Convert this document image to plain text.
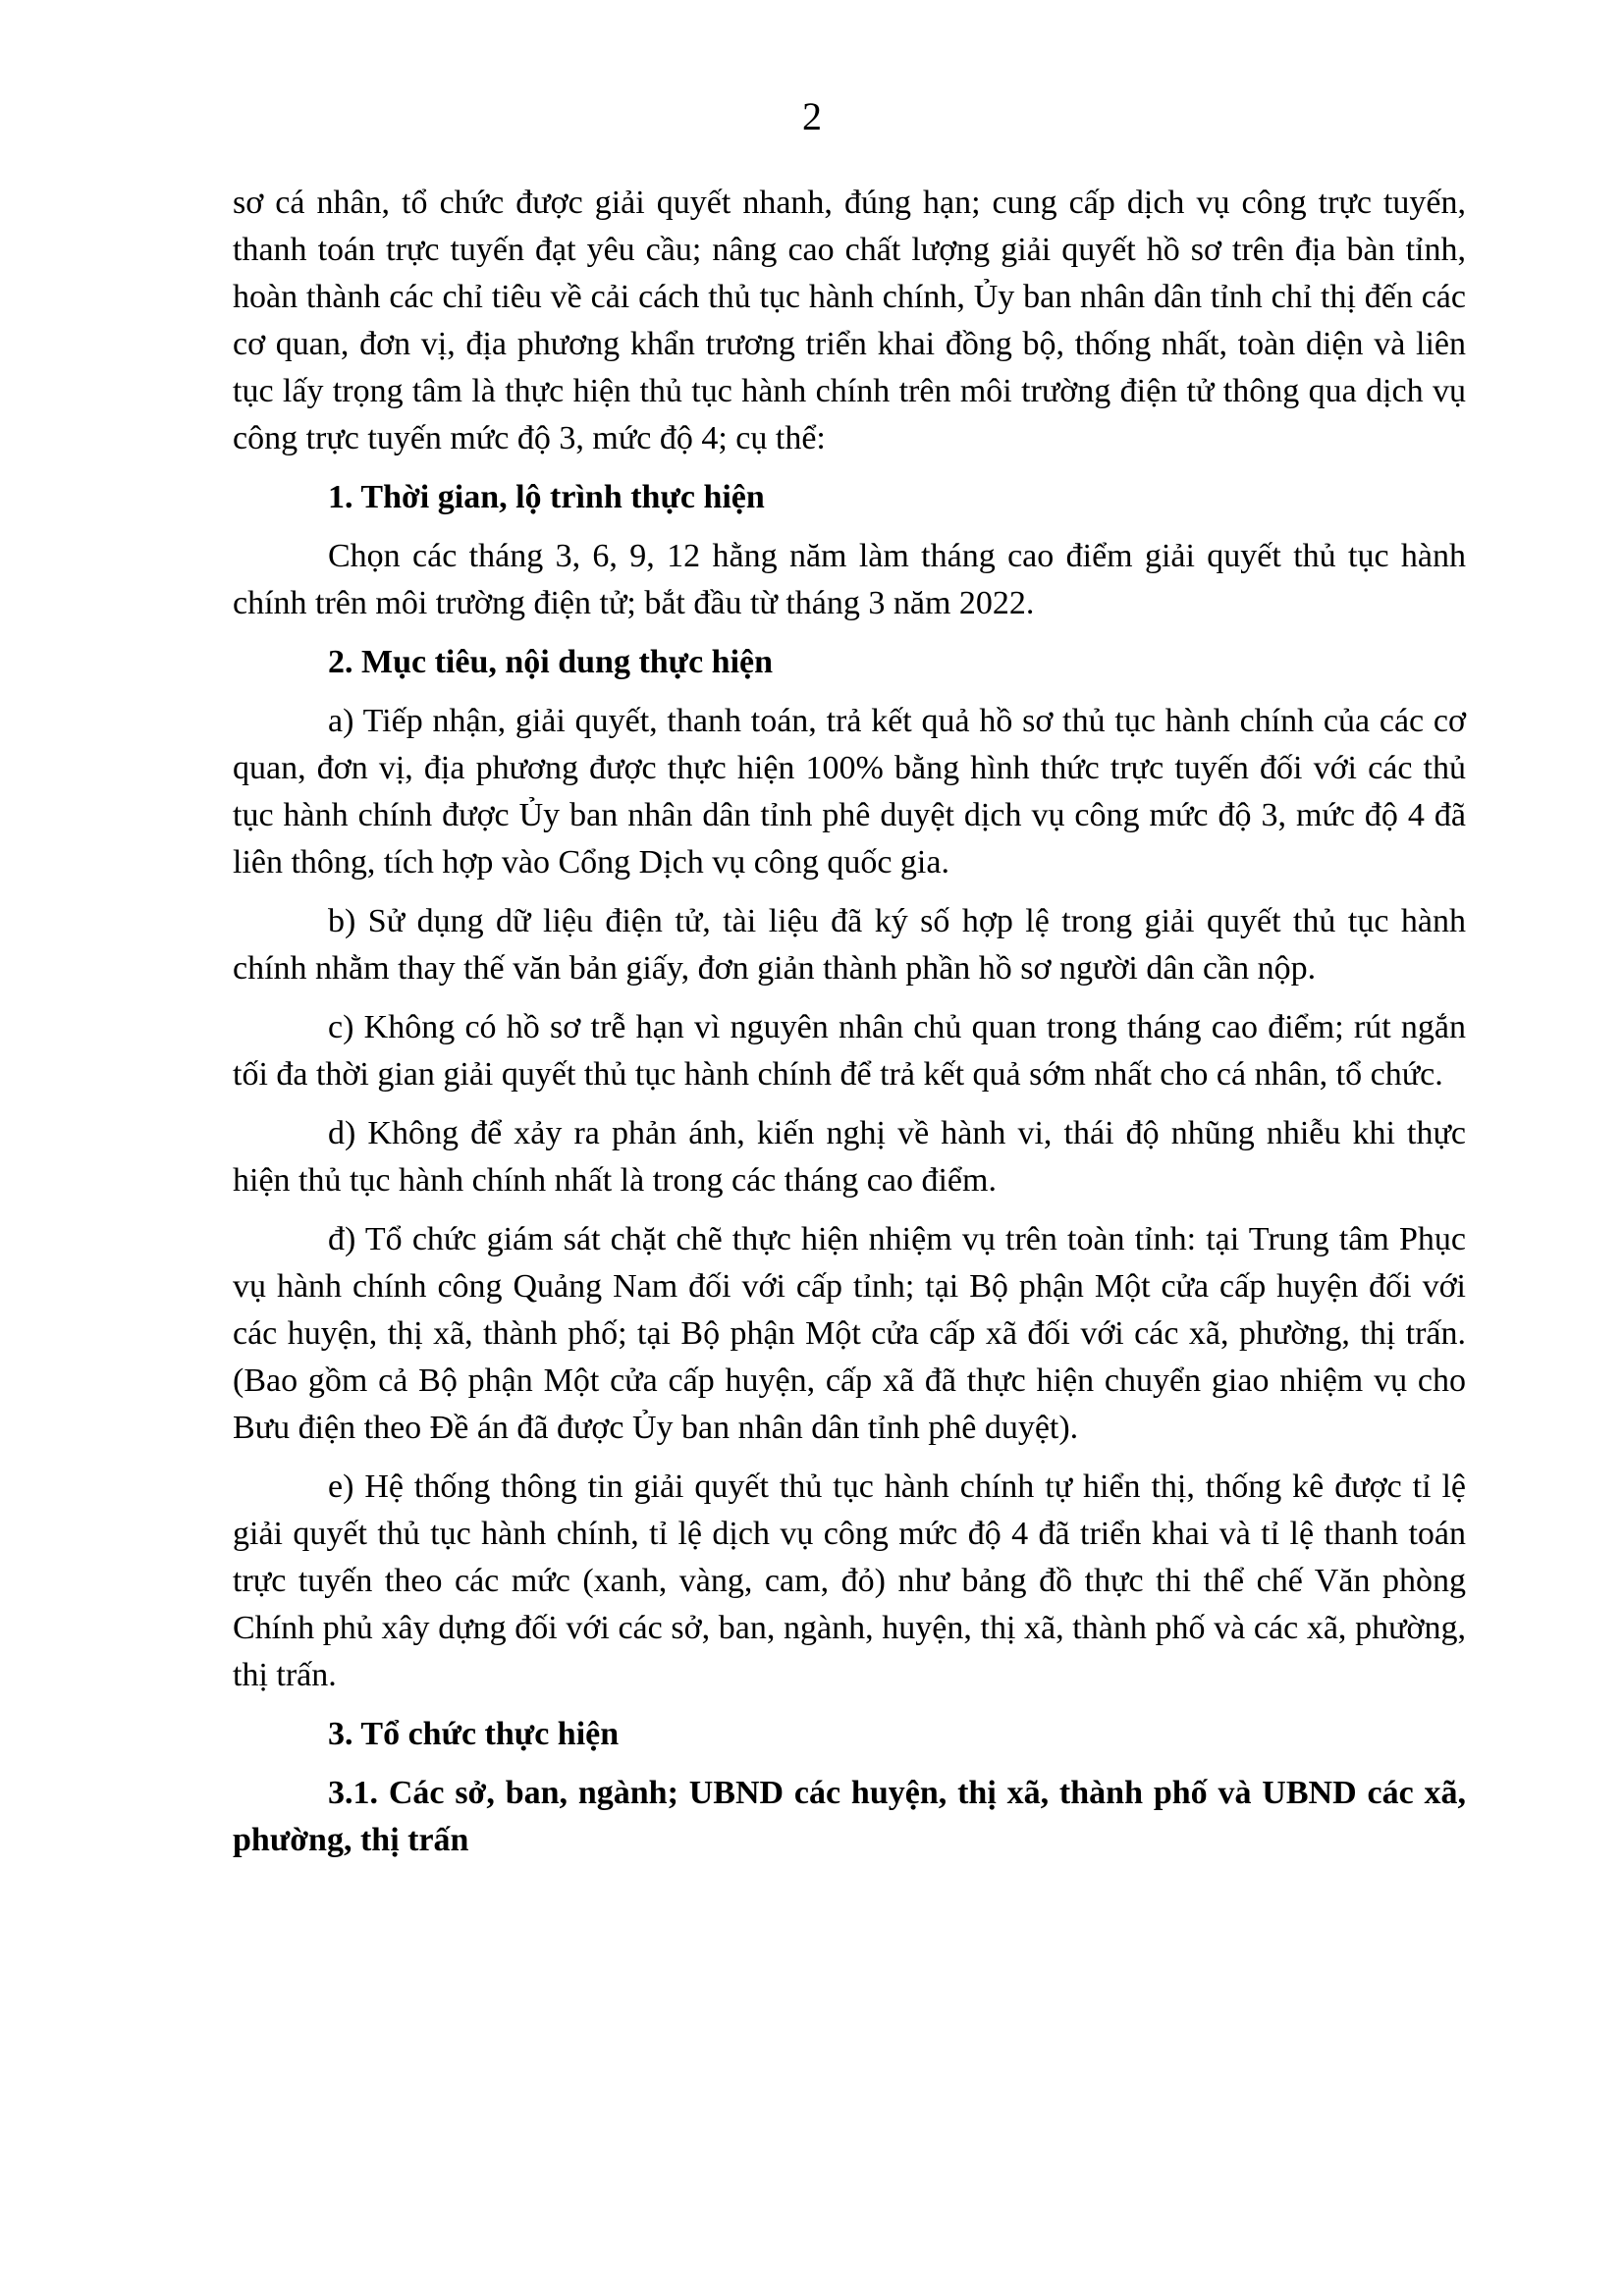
2

sơ cá nhân, tổ chức được giải quyết nhanh, đúng hạn; cung cấp dịch vụ công trực tuyến, thanh toán trực tuyến đạt yêu cầu; nâng cao chất lượng giải quyết hồ sơ trên địa bàn tỉnh, hoàn thành các chỉ tiêu về cải cách thủ tục hành chính, Ủy ban nhân dân tỉnh chỉ thị đến các cơ quan, đơn vị, địa phương khẩn trương triển khai đồng bộ, thống nhất, toàn diện và liên tục lấy trọng tâm là thực hiện thủ tục hành chính trên môi trường điện tử thông qua dịch vụ công trực tuyến mức độ 3, mức độ 4; cụ thể:

1. Thời gian, lộ trình thực hiện

Chọn các tháng 3, 6, 9, 12 hằng năm làm tháng cao điểm giải quyết thủ tục hành chính trên môi trường điện tử; bắt đầu từ tháng 3 năm 2022.

2. Mục tiêu, nội dung thực hiện

a) Tiếp nhận, giải quyết, thanh toán, trả kết quả hồ sơ thủ tục hành chính của các cơ quan, đơn vị, địa phương được thực hiện 100% bằng hình thức trực tuyến đối với các thủ tục hành chính được Ủy ban nhân dân tỉnh phê duyệt dịch vụ công mức độ 3, mức độ 4 đã liên thông, tích hợp vào Cổng Dịch vụ công quốc gia.

b) Sử dụng dữ liệu điện tử, tài liệu đã ký số hợp lệ trong giải quyết thủ tục hành chính nhằm thay thế văn bản giấy, đơn giản thành phần hồ sơ người dân cần nộp.

c) Không có hồ sơ trễ hạn vì nguyên nhân chủ quan trong tháng cao điểm; rút ngắn tối đa thời gian giải quyết thủ tục hành chính để trả kết quả sớm nhất cho cá nhân, tổ chức.

d) Không để xảy ra phản ánh, kiến nghị về hành vi, thái độ nhũng nhiễu khi thực hiện thủ tục hành chính nhất là trong các tháng cao điểm.

đ) Tổ chức giám sát chặt chẽ thực hiện nhiệm vụ trên toàn tỉnh: tại Trung tâm Phục vụ hành chính công Quảng Nam đối với cấp tỉnh; tại Bộ phận Một cửa cấp huyện đối với các huyện, thị xã, thành phố; tại Bộ phận Một cửa cấp xã đối với các xã, phường, thị trấn. (Bao gồm cả Bộ phận Một cửa cấp huyện, cấp xã đã thực hiện chuyển giao nhiệm vụ cho Bưu điện theo Đề án đã được Ủy ban nhân dân tỉnh phê duyệt).

e) Hệ thống thông tin giải quyết thủ tục hành chính tự hiển thị, thống kê được tỉ lệ giải quyết thủ tục hành chính, tỉ lệ dịch vụ công mức độ 4 đã triển khai và tỉ lệ thanh toán trực tuyến theo các mức (xanh, vàng, cam, đỏ) như bảng đồ thực thi thể chế Văn phòng Chính phủ xây dựng đối với các sở, ban, ngành, huyện, thị xã, thành phố và các xã, phường, thị trấn.

3. Tổ chức thực hiện

3.1. Các sở, ban, ngành; UBND các huyện, thị xã, thành phố và UBND các xã, phường, thị trấn
